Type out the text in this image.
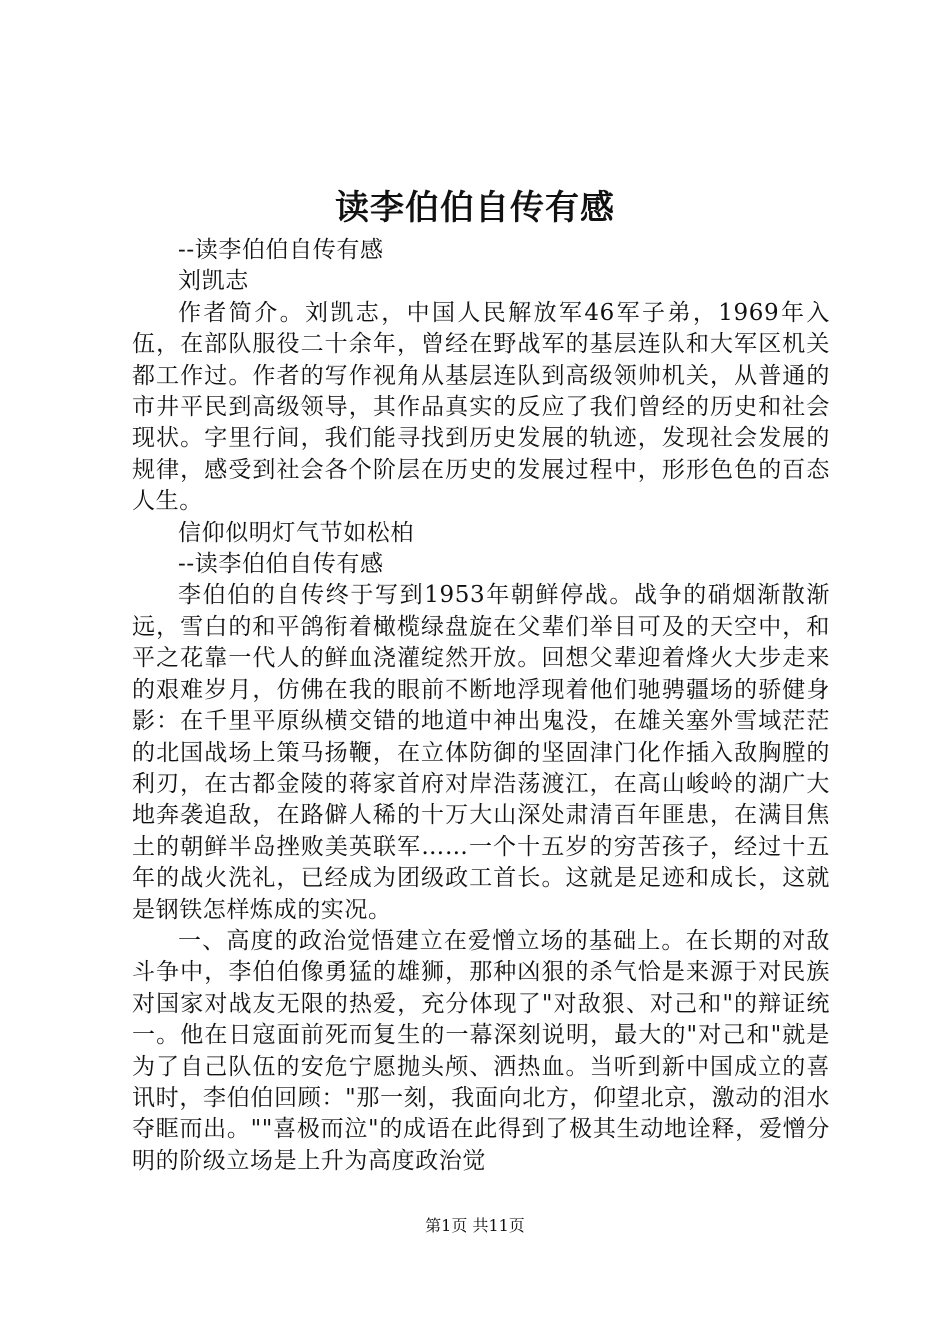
读李伯伯自传有感

--读李伯伯自传有感

刘凯志

作者简介。刘凯志，中国人民解放军46军子弟，1969年入伍，在部队服役二十余年，曾经在野战军的基层连队和大军区机关都工作过。作者的写作视角从基层连队到高级领帅机关，从普通的市井平民到高级领导，其作品真实的反应了我们曾经的历史和社会现状。字里行间，我们能寻找到历史发展的轨迹，发现社会发展的规律，感受到社会各个阶层在历史的发展过程中，形形色色的百态人生。

信仰似明灯气节如松柏

--读李伯伯自传有感

李伯伯的自传终于写到1953年朝鲜停战。战争的硝烟渐散渐远，雪白的和平鸽衔着橄榄绿盘旋在父辈们举目可及的天空中，和平之花靠一代人的鲜血浇灌绽然开放。回想父辈迎着烽火大步走来的艰难岁月，仿佛在我的眼前不断地浮现着他们驰骋疆场的骄健身影：在千里平原纵横交错的地道中神出鬼没，在雄关塞外雪域茫茫的北国战场上策马扬鞭，在立体防御的坚固津门化作插入敌胸膛的利刃，在古都金陵的蒋家首府对岸浩荡渡江，在高山峻岭的湖广大地奔袭追敌，在路僻人稀的十万大山深处肃清百年匪患，在满目焦土的朝鲜半岛挫败美英联军……一个十五岁的穷苦孩子，经过十五年的战火洗礼，已经成为团级政工首长。这就是足迹和成长，这就是钢铁怎样炼成的实况。

一、高度的政治觉悟建立在爱憎立场的基础上。在长期的对敌斗争中，李伯伯像勇猛的雄狮，那种凶狠的杀气恰是来源于对民族对国家对战友无限的热爱，充分体现了"对敌狠、对己和"的辩证统一。他在日寇面前死而复生的一幕深刻说明，最大的"对己和"就是为了自己队伍的安危宁愿抛头颅、洒热血。当听到新中国成立的喜讯时，李伯伯回顾："那一刻，我面向北方，仰望北京，激动的泪水夺眶而出。""喜极而泣"的成语在此得到了极其生动地诠释，爱憎分明的阶级立场是上升为高度政治觉

第1页 共11页
